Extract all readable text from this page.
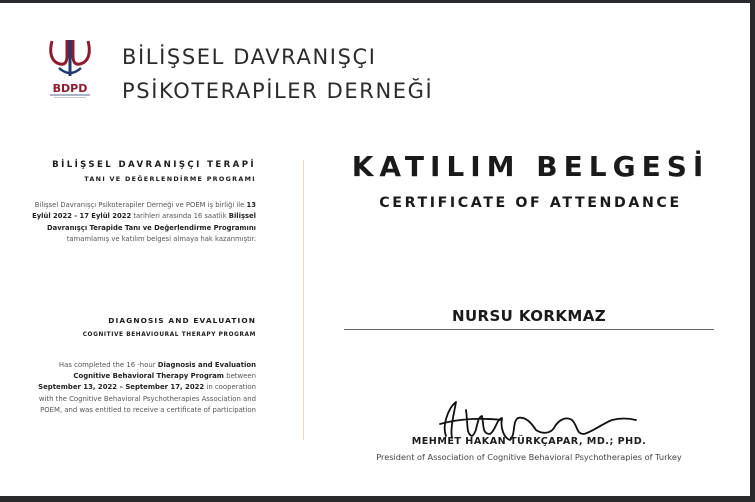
BDPD
BİLİŞSEL DAVRANIŞÇI
PSİKOTERAPİLER DERNEĞİ
BİLİŞSEL DAVRANIŞÇI TERAPİ
TANI VE DEĞERLENDİRME PROGRAMI
Bilişsel Davranışçı Psikoterapiler Derneği ve POEM iş birliği ile 13 Eylül 2022 - 17 Eylül 2022 tarihleri arasında 16 saatlik Bilişsel Davranışçı Terapide Tanı ve Değerlendirme Programını tamamlamış ve katılım belgesi almaya hak kazanmıştır.
DIAGNOSIS AND EVALUATION
COGNITIVE BEHAVIOURAL THERAPY PROGRAM
Has completed the 16 -hour Diagnosis and Evaluation Cognitive Behavioral Therapy Program between September 13, 2022 – September 17, 2022 in cooperation with the Cognitive Behavioral Psychotherapies Association and POEM, and was entitled to receive a certificate of participation
KATILIM BELGESİ
CERTIFICATE OF ATTENDANCE
NURSU KORKMAZ
MEHMET HAKAN TÜRKÇAPAR, MD.; PHD.
President of Association of Cognitive Behavioral Psychotherapies of Turkey
